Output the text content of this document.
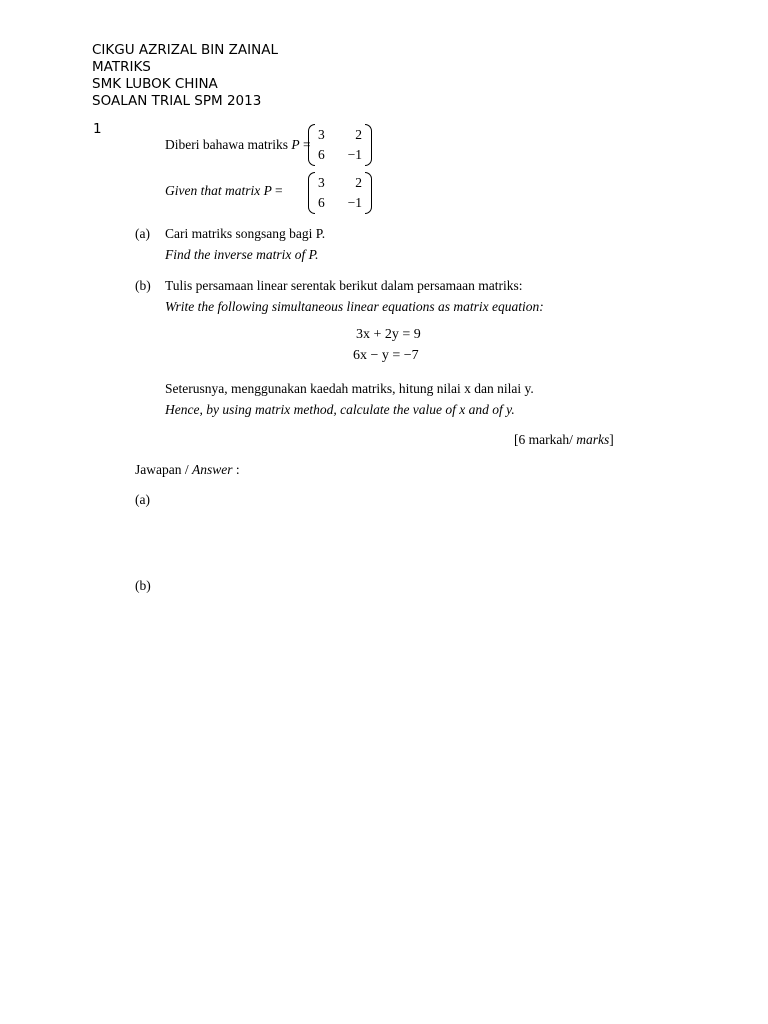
CIKGU AZRIZAL BIN ZAINAL
MATRIKS
SMK LUBOK CHINA
SOALAN TRIAL SPM 2013
1
Diberi bahawa matriks P =
3	2
6	−1
Given that matrix P =
3	2
6	−1
(a) Cari matriks songsang bagi P.
Find the inverse matrix of P.
(b) Tulis persamaan linear serentak berikut dalam persamaan matriks:
Write the following simultaneous linear equations as matrix equation:
3x + 2y = 9
6x − y = −7
Seterusnya, menggunakan kaedah matriks, hitung nilai x dan nilai y.
Hence, by using matrix method, calculate the value of x and of y.
[6 markah/ marks]
Jawapan / Answer :
(a)
(b)
